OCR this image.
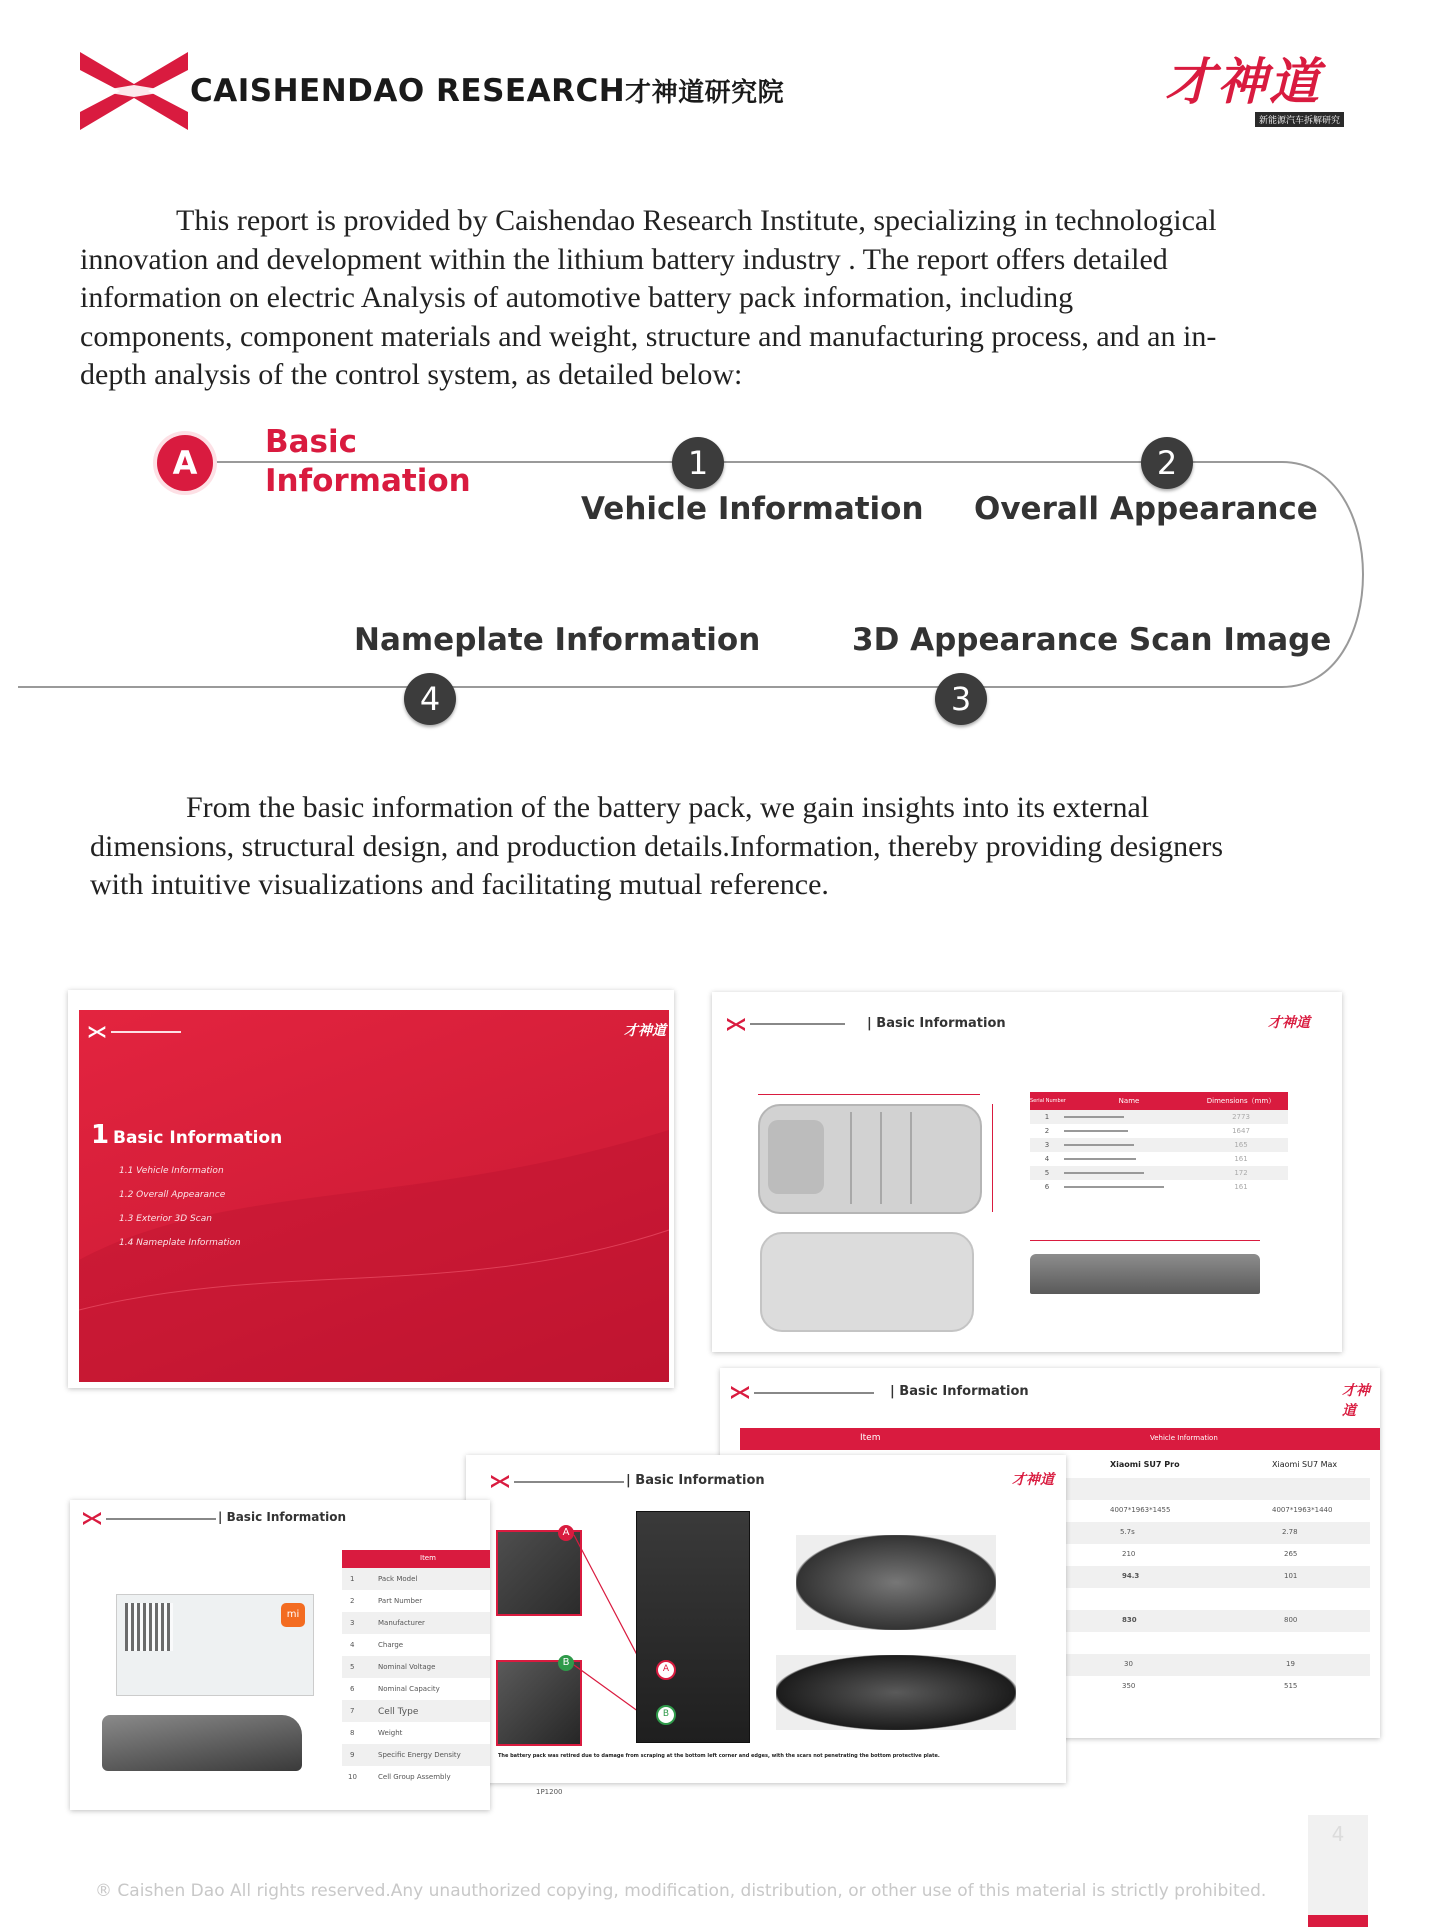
CAISHENDAO RESEARCH才神道研究院	才神道
新能源汽车拆解研究
This report is provided by Caishendao Research Institute, specializing in technological
innovation and development within the lithium battery industry . The report offers detailed
information on electric Analysis of automotive battery pack information, including
components, component materials and weight, structure and manufacturing process, and an in-
depth analysis of the control system, as detailed below:
A
Basic
Information	1
Vehicle Information
2
Overall Appearance
3D Appearance Scan Image
3
Nameplate Information
4
From the basic information of the battery pack, we gain insights into its external
dimensions, structural design, and production details.Information, thereby providing designers
with intuitive visualizations and facilitating mutual reference.
才神道
1 Basic Information
1.1 Vehicle Information
1.2 Overall Appearance
1.3 Exterior 3D Scan
1.4 Nameplate Information
| Basic Information	才神道
Serial Number	Name	Dimensions（mm）
1	2773
2	1647
3	165
4	161
5	172
6	161
| Basic Information	才神道
Item	Vehicle Information
Xiaomi SU7 Pro	Xiaomi SU7 Max
4007*1963*1455	4007*1963*1440
5.7s	2.78
210	265
94.3	101
830	800
30	19
350	515
| Basic Information	才神道
A
B
A
B
The battery pack was retired due to damage from scraping at the bottom left corner and edges, with the scars not penetrating the bottom protective plate.
| Basic Information
mi
Item
1	Pack Model
2	Part Number
3	Manufacturer
4	Charge
5	Nominal Voltage
6	Nominal Capacity
7	Cell Type
8	Weight
9	Specific Energy Density
10	Cell Group Assembly
1P1200
4
® Caishen Dao All rights reserved.Any unauthorized copying, modification, distribution, or other use of this material is strictly prohibited.
